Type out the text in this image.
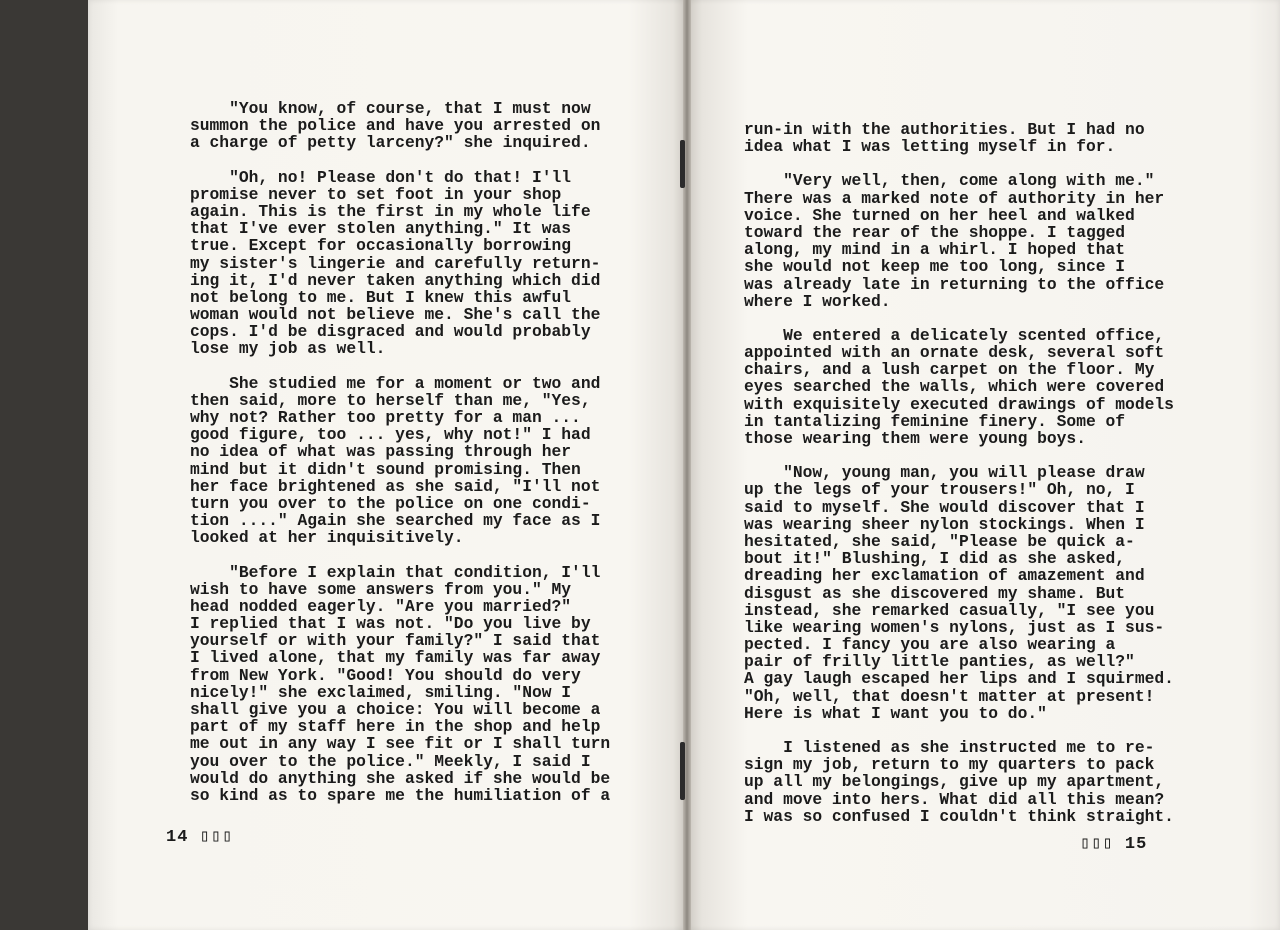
"You know, of course, that I must now
summon the police and have you arrested on
a charge of petty larceny?" she inquired.
"Oh, no! Please don't do that! I'll
promise never to set foot in your shop
again. This is the first in my whole life
that I've ever stolen anything." It was
true. Except for occasionally borrowing
my sister's lingerie and carefully return-
ing it, I'd never taken anything which did
not belong to me. But I knew this awful
woman would not believe me. She's call the
cops. I'd be disgraced and would probably
lose my job as well.
She studied me for a moment or two and
then said, more to herself than me, "Yes,
why not? Rather too pretty for a man ...
good figure, too ... yes, why not!" I had
no idea of what was passing through her
mind but it didn't sound promising. Then
her face brightened as she said, "I'll not
turn you over to the police on one condi-
tion ...." Again she searched my face as I
looked at her inquisitively.
"Before I explain that condition, I'll
wish to have some answers from you." My
head nodded eagerly. "Are you married?"
I replied that I was not. "Do you live by
yourself or with your family?" I said that
I lived alone, that my family was far away
from New York. "Good! You should do very
nicely!" she exclaimed, smiling. "Now I
shall give you a choice: You will become a
part of my staff here in the shop and help
me out in any way I see fit or I shall turn
you over to the police." Meekly, I said I
would do anything she asked if she would be
so kind as to spare me the humiliation of a
run-in with the authorities. But I had no
idea what I was letting myself in for.
"Very well, then, come along with me."
There was a marked note of authority in her
voice. She turned on her heel and walked
toward the rear of the shoppe. I tagged
along, my mind in a whirl. I hoped that
she would not keep me too long, since I
was already late in returning to the office
where I worked.
We entered a delicately scented office,
appointed with an ornate desk, several soft
chairs, and a lush carpet on the floor. My
eyes searched the walls, which were covered
with exquisitely executed drawings of models
in tantalizing feminine finery. Some of
those wearing them were young boys.
"Now, young man, you will please draw
up the legs of your trousers!" Oh, no, I
said to myself. She would discover that I
was wearing sheer nylon stockings. When I
hesitated, she said, "Please be quick a-
bout it!" Blushing, I did as she asked,
dreading her exclamation of amazement and
disgust as she discovered my shame. But
instead, she remarked casually, "I see you
like wearing women's nylons, just as I sus-
pected. I fancy you are also wearing a
pair of frilly little panties, as well?"
A gay laugh escaped her lips and I squirmed.
"Oh, well, that doesn't matter at present!
Here is what I want you to do."
I listened as she instructed me to re-
sign my job, return to my quarters to pack
up all my belongings, give up my apartment,
and move into hers. What did all this mean?
I was so confused I couldn't think straight.
14 ▯▯▯	▯▯▯ 15
